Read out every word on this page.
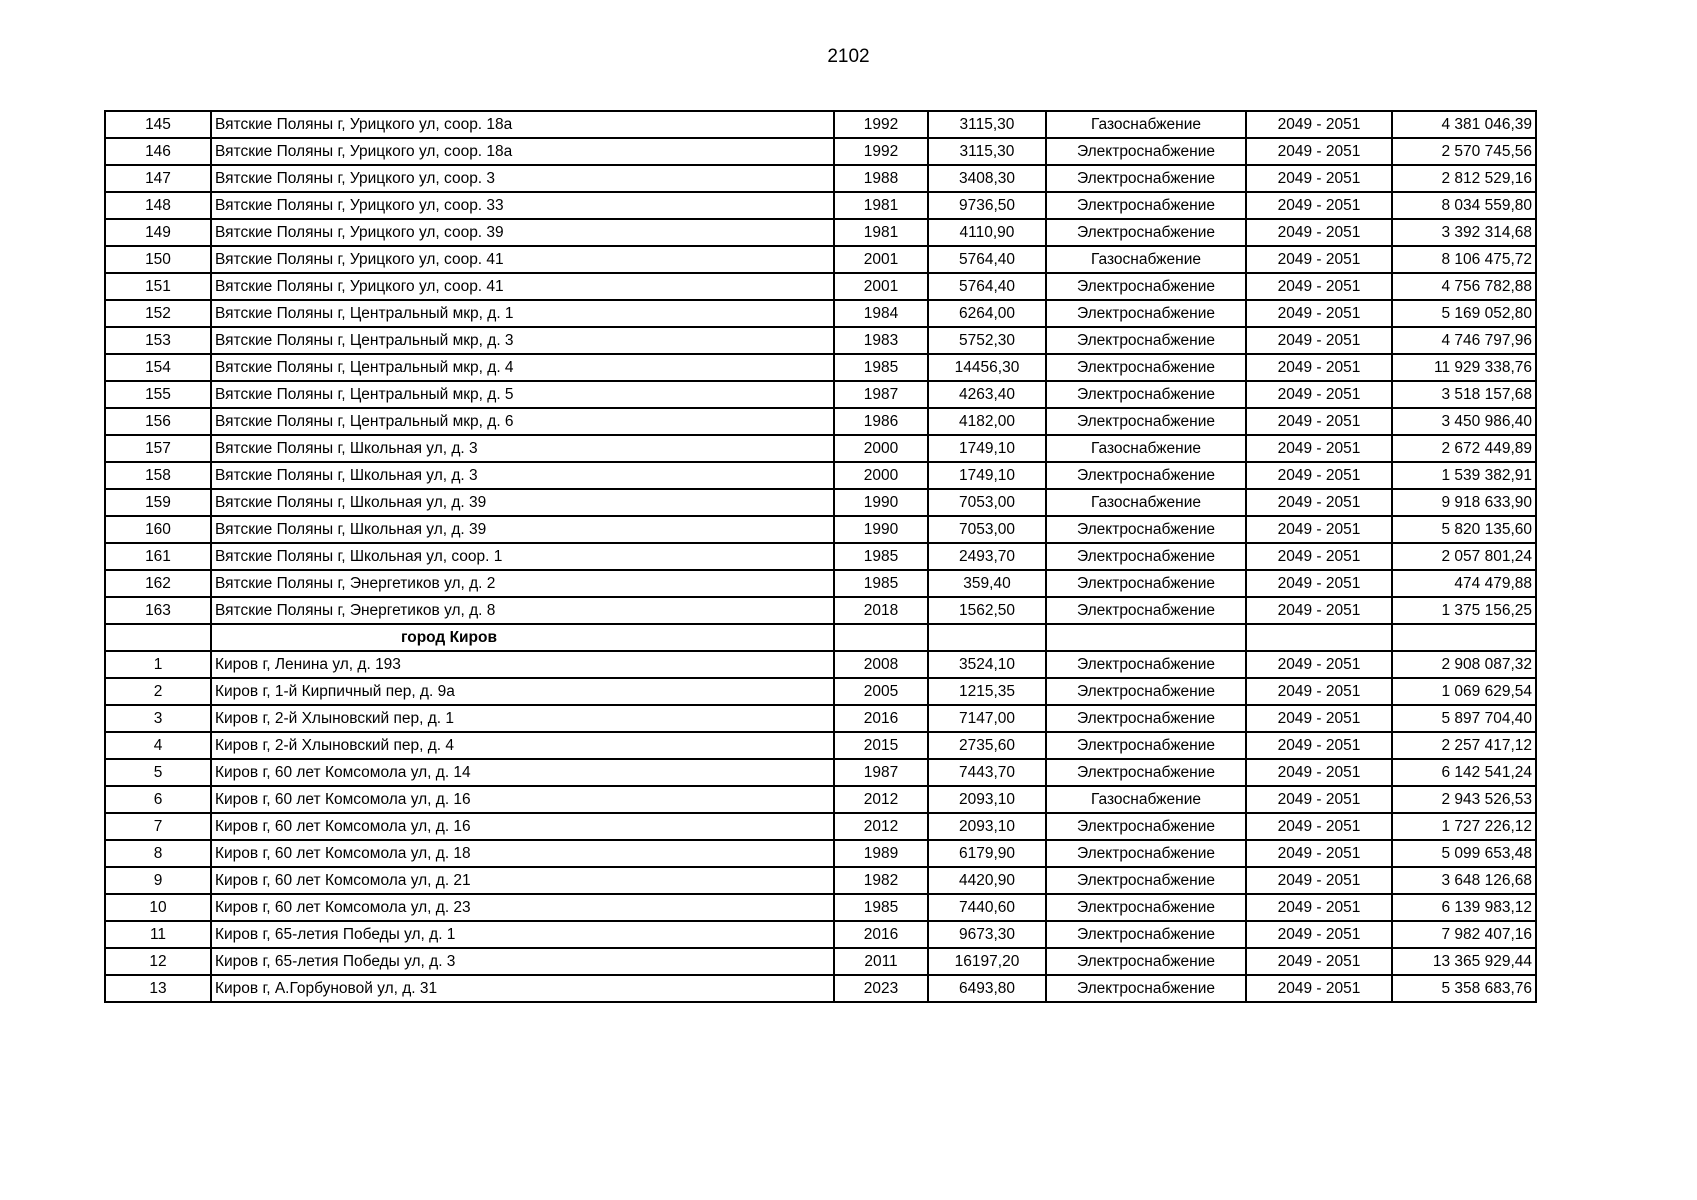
2102
145	Вятские Поляны г, Урицкого ул, соор. 18а	1992	3115,30	Газоснабжение	2049 - 2051	4 381 046,39
146	Вятские Поляны г, Урицкого ул, соор. 18а	1992	3115,30	Электроснабжение	2049 - 2051	2 570 745,56
147	Вятские Поляны г, Урицкого ул, соор. 3	1988	3408,30	Электроснабжение	2049 - 2051	2 812 529,16
148	Вятские Поляны г, Урицкого ул, соор. 33	1981	9736,50	Электроснабжение	2049 - 2051	8 034 559,80
149	Вятские Поляны г, Урицкого ул, соор. 39	1981	4110,90	Электроснабжение	2049 - 2051	3 392 314,68
150	Вятские Поляны г, Урицкого ул, соор. 41	2001	5764,40	Газоснабжение	2049 - 2051	8 106 475,72
151	Вятские Поляны г, Урицкого ул, соор. 41	2001	5764,40	Электроснабжение	2049 - 2051	4 756 782,88
152	Вятские Поляны г, Центральный мкр, д. 1	1984	6264,00	Электроснабжение	2049 - 2051	5 169 052,80
153	Вятские Поляны г, Центральный мкр, д. 3	1983	5752,30	Электроснабжение	2049 - 2051	4 746 797,96
154	Вятские Поляны г, Центральный мкр, д. 4	1985	14456,30	Электроснабжение	2049 - 2051	11 929 338,76
155	Вятские Поляны г, Центральный мкр, д. 5	1987	4263,40	Электроснабжение	2049 - 2051	3 518 157,68
156	Вятские Поляны г, Центральный мкр, д. 6	1986	4182,00	Электроснабжение	2049 - 2051	3 450 986,40
157	Вятские Поляны г, Школьная ул, д. 3	2000	1749,10	Газоснабжение	2049 - 2051	2 672 449,89
158	Вятские Поляны г, Школьная ул, д. 3	2000	1749,10	Электроснабжение	2049 - 2051	1 539 382,91
159	Вятские Поляны г, Школьная ул, д. 39	1990	7053,00	Газоснабжение	2049 - 2051	9 918 633,90
160	Вятские Поляны г, Школьная ул, д. 39	1990	7053,00	Электроснабжение	2049 - 2051	5 820 135,60
161	Вятские Поляны г, Школьная ул, соор. 1	1985	2493,70	Электроснабжение	2049 - 2051	2 057 801,24
162	Вятские Поляны г, Энергетиков ул, д. 2	1985	359,40	Электроснабжение	2049 - 2051	474 479,88
163	Вятские Поляны г, Энергетиков ул, д. 8	2018	1562,50	Электроснабжение	2049 - 2051	1 375 156,25
	город Киров					
1	Киров г, Ленина ул, д. 193	2008	3524,10	Электроснабжение	2049 - 2051	2 908 087,32
2	Киров г, 1-й Кирпичный пер, д. 9а	2005	1215,35	Электроснабжение	2049 - 2051	1 069 629,54
3	Киров г, 2-й Хлыновский пер, д. 1	2016	7147,00	Электроснабжение	2049 - 2051	5 897 704,40
4	Киров г, 2-й Хлыновский пер, д. 4	2015	2735,60	Электроснабжение	2049 - 2051	2 257 417,12
5	Киров г, 60 лет Комсомола ул, д. 14	1987	7443,70	Электроснабжение	2049 - 2051	6 142 541,24
6	Киров г, 60 лет Комсомола ул, д. 16	2012	2093,10	Газоснабжение	2049 - 2051	2 943 526,53
7	Киров г, 60 лет Комсомола ул, д. 16	2012	2093,10	Электроснабжение	2049 - 2051	1 727 226,12
8	Киров г, 60 лет Комсомола ул, д. 18	1989	6179,90	Электроснабжение	2049 - 2051	5 099 653,48
9	Киров г, 60 лет Комсомола ул, д. 21	1982	4420,90	Электроснабжение	2049 - 2051	3 648 126,68
10	Киров г, 60 лет Комсомола ул, д. 23	1985	7440,60	Электроснабжение	2049 - 2051	6 139 983,12
11	Киров г, 65-летия Победы ул, д. 1	2016	9673,30	Электроснабжение	2049 - 2051	7 982 407,16
12	Киров г, 65-летия Победы ул, д. 3	2011	16197,20	Электроснабжение	2049 - 2051	13 365 929,44
13	Киров г, А.Горбуновой ул, д. 31	2023	6493,80	Электроснабжение	2049 - 2051	5 358 683,76
